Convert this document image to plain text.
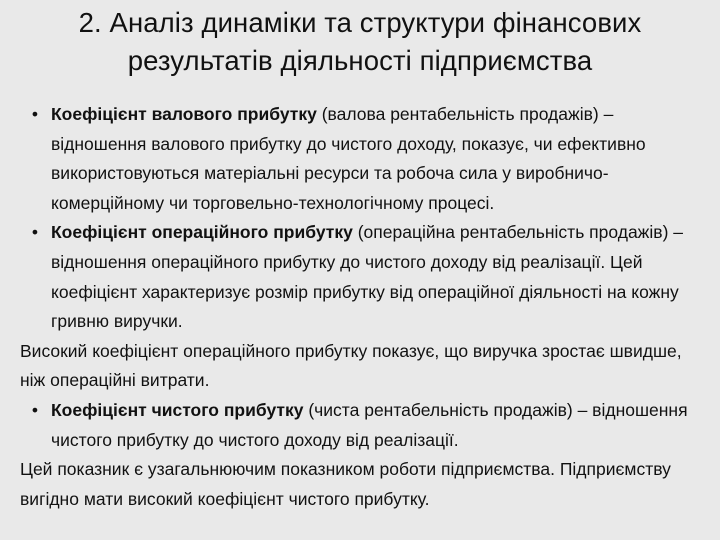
2. Аналіз динаміки та структури фінансових
результатів діяльності підприємства
• Коефіцієнт валового прибутку (валова рентабельність продажів) – відношення валового прибутку до чистого доходу, показує, чи ефективно використовуються матеріальні ресурси та робоча сила у виробничо-комерційному чи торговельно-технологічному процесі.
• Коефіцієнт операційного прибутку (операційна рентабельність продажів) – відношення операційного прибутку до чистого доходу від реалізації. Цей коефіцієнт характеризує розмір прибутку від операційної діяльності на кожну гривню виручки.
Високий коефіцієнт операційного прибутку показує, що виручка зростає швидше, ніж операційні витрати.
• Коефіцієнт чистого прибутку (чиста рентабельність продажів) – відношення чистого прибутку до чистого доходу від реалізації.
Цей показник є узагальнюючим показником роботи підприємства. Підприємству вигідно мати високий коефіцієнт чистого прибутку.
